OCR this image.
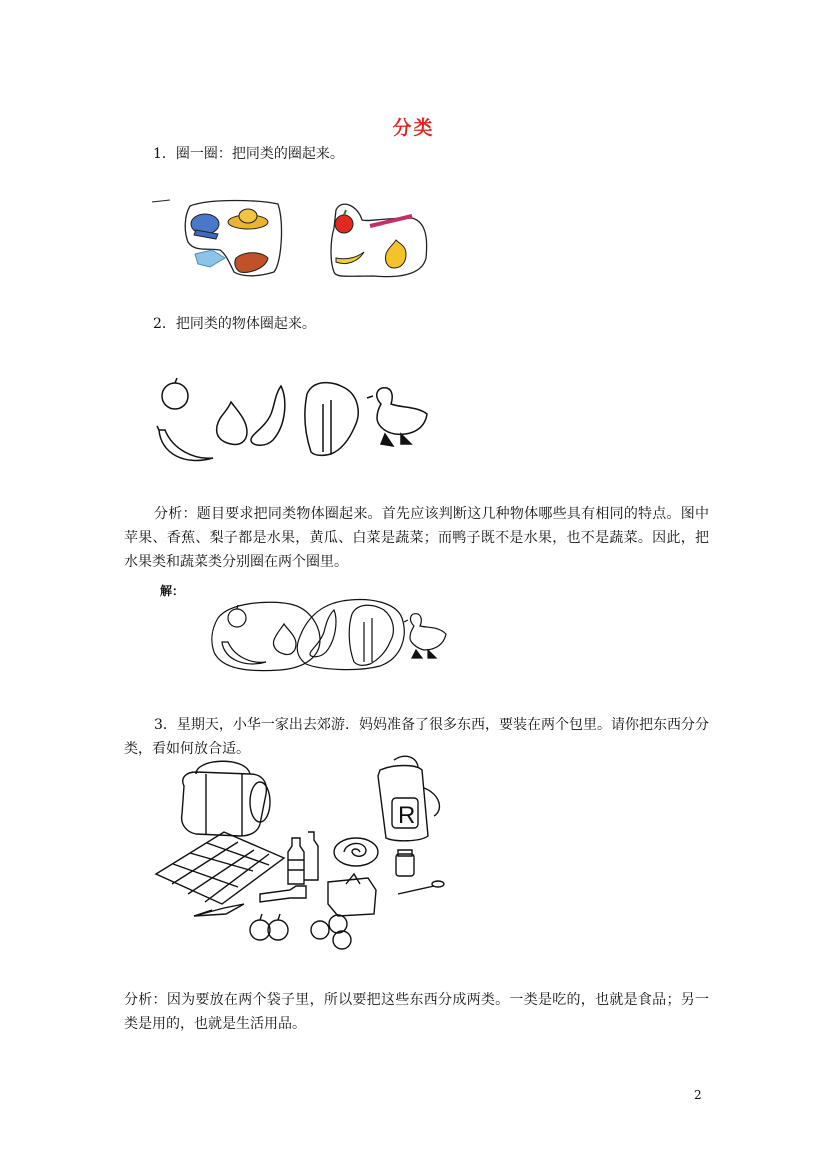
分类
1．圈一圈：把同类的圈起来。
2．把同类的物体圈起来。
分析：题目要求把同类物体圈起来。首先应该判断这几种物体哪些具有相同的特点。图中苹果、香蕉、梨子都是水果，黄瓜、白菜是蔬菜；而鸭子既不是水果，也不是蔬菜。因此，把水果类和蔬菜类分别圈在两个圈里。
解：
3．星期天，小华一家出去郊游．妈妈准备了很多东西，要装在两个包里。请你把东西分分类，看如何放合适。
R
分析：因为要放在两个袋子里，所以要把这些东西分成两类。一类是吃的，也就是食品；另一类是用的，也就是生活用品。
2
